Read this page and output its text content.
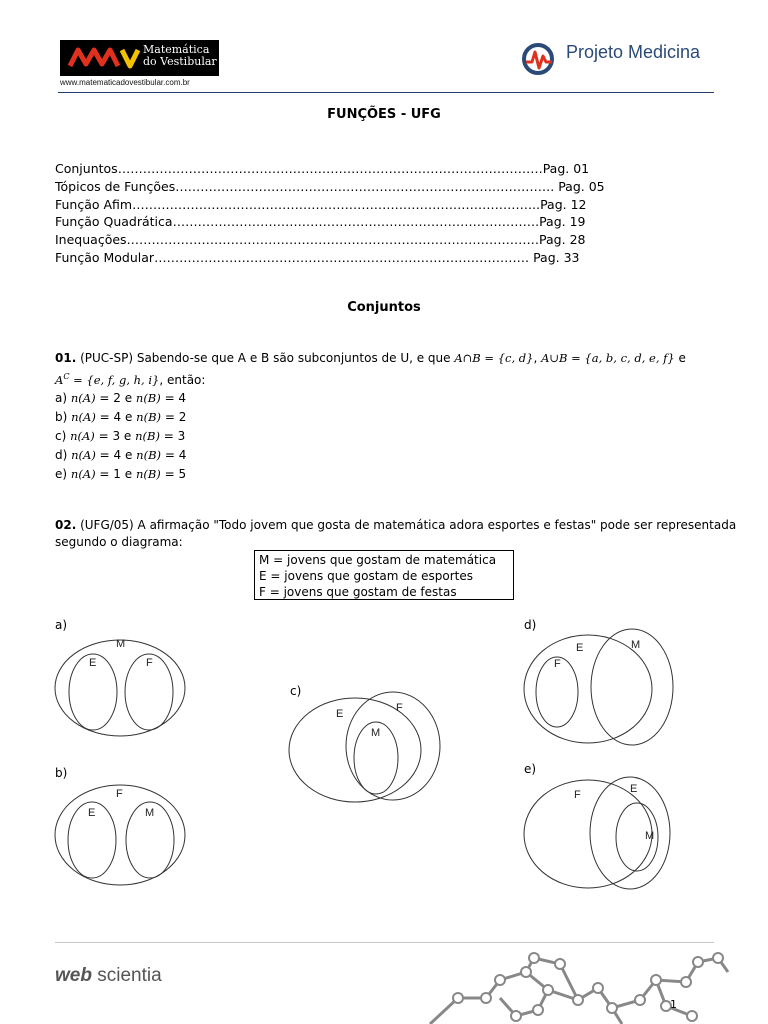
Matemática
do Vestibular
www.matematicadovestibular.com.br
Projeto Medicina
FUNÇÕES - UFG
Conjuntos…………………………………………………………………………………………Pag. 01
Tópicos de Funções………………………………………………………………………………. Pag. 05
Função Afim……………………………………………………………………………………..Pag. 12
Função Quadrática…………………………………………………………………………….Pag. 19
Inequações………………………………………………………………………………………Pag. 28
Função Modular……………………………………………………………………………… Pag. 33
Conjuntos
01. (PUC-SP) Sabendo-se que A e B são subconjuntos de U, e que A∩B = {c, d}, A∪B = {a, b, c, d, e, f} e
$A^C = \{e$, f, g, h, i}, então:
a) n(A) = 2 e n(B) = 4
b) n(A) = 4 e n(B) = 2
c) n(A) = 3 e n(B) = 3
d) n(A) = 4 e n(B) = 4
e) n(A) = 1 e n(B) = 5
02. (UFG/05) A afirmação "Todo jovem que gosta de matemática adora esportes e festas" pode ser representada
segundo o diagrama:
M = jovens que gostam de matemática
E = jovens que gostam de esportes
F = jovens que gostam de festas
a)
b)
c)
d)
e)
M
E	F
F
E	M
E	F
M
E	M
F
F	E
M
web scientia
1
